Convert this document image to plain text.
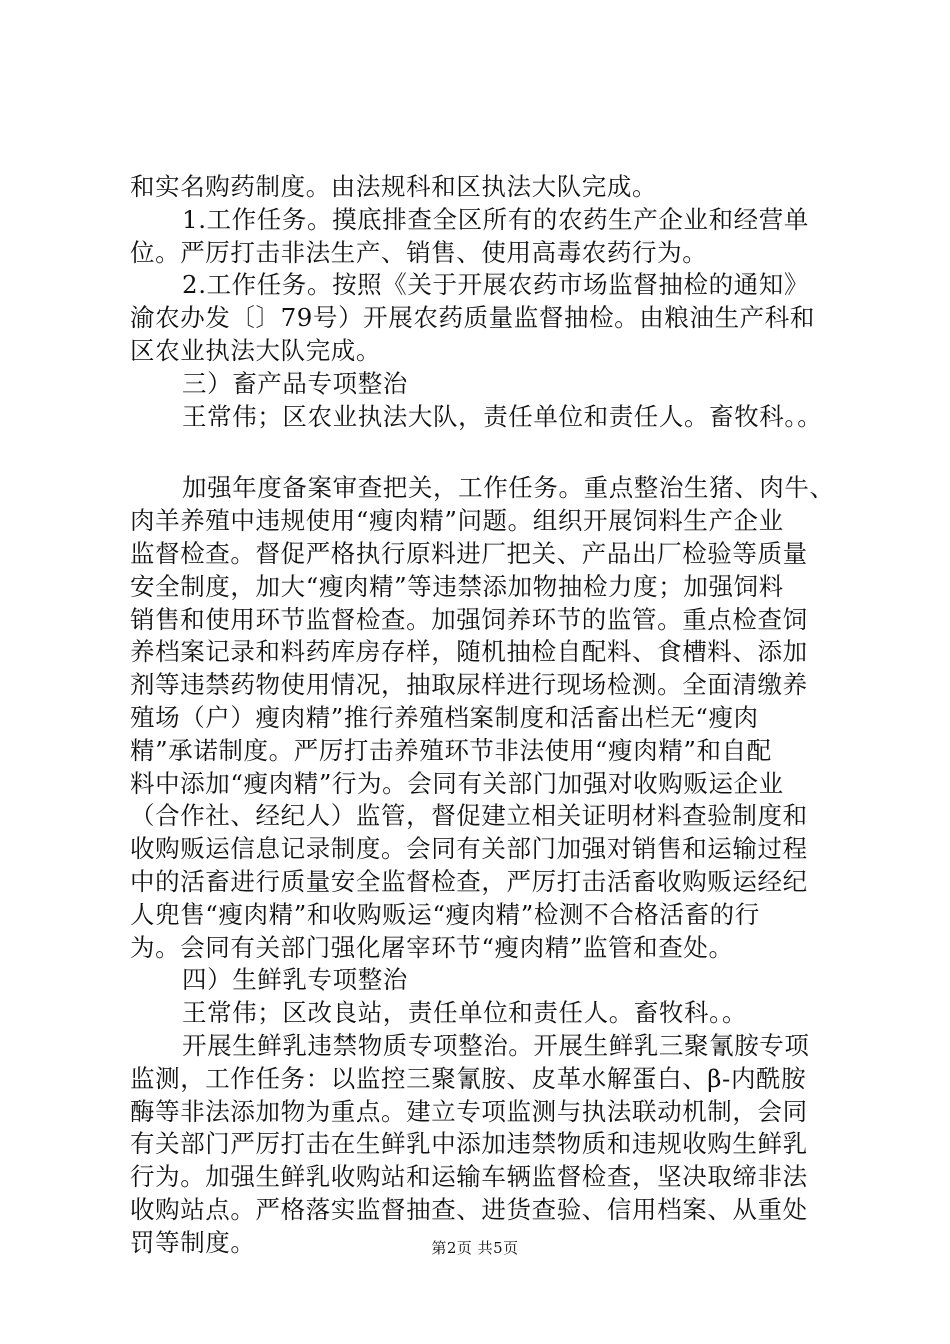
和实名购药制度。由法规科和区执法大队完成。
1.工作任务。摸底排查全区所有的农药生产企业和经营单
位。严厉打击非法生产、销售、使用高毒农药行为。
2.工作任务。按照《关于开展农药市场监督抽检的通知》
渝农办发〔〕79号）开展农药质量监督抽检。由粮油生产科和
区农业执法大队完成。
三）畜产品专项整治
王常伟；区农业执法大队，责任单位和责任人。畜牧科。。
加强年度备案审查把关，工作任务。重点整治生猪、肉牛、
肉羊养殖中违规使用“瘦肉精”问题。组织开展饲料生产企业
监督检查。督促严格执行原料进厂把关、产品出厂检验等质量
安全制度，加大“瘦肉精”等违禁添加物抽检力度；加强饲料
销售和使用环节监督检查。加强饲养环节的监管。重点检查饲
养档案记录和料药库房存样，随机抽检自配料、食槽料、添加
剂等违禁药物使用情况，抽取尿样进行现场检测。全面清缴养
殖场（户）瘦肉精”推行养殖档案制度和活畜出栏无“瘦肉
精”承诺制度。严厉打击养殖环节非法使用“瘦肉精”和自配
料中添加“瘦肉精”行为。会同有关部门加强对收购贩运企业
（合作社、经纪人）监管，督促建立相关证明材料查验制度和
收购贩运信息记录制度。会同有关部门加强对销售和运输过程
中的活畜进行质量安全监督检查，严厉打击活畜收购贩运经纪
人兜售“瘦肉精”和收购贩运“瘦肉精”检测不合格活畜的行
为。会同有关部门强化屠宰环节“瘦肉精”监管和查处。
四）生鲜乳专项整治
王常伟；区改良站，责任单位和责任人。畜牧科。。
开展生鲜乳违禁物质专项整治。开展生鲜乳三聚氰胺专项
监测，工作任务：以监控三聚氰胺、皮革水解蛋白、β-内酰胺
酶等非法添加物为重点。建立专项监测与执法联动机制，会同
有关部门严厉打击在生鲜乳中添加违禁物质和违规收购生鲜乳
行为。加强生鲜乳收购站和运输车辆监督检查，坚决取缔非法
收购站点。严格落实监督抽查、进货查验、信用档案、从重处
罚等制度。	第2页 共5页
